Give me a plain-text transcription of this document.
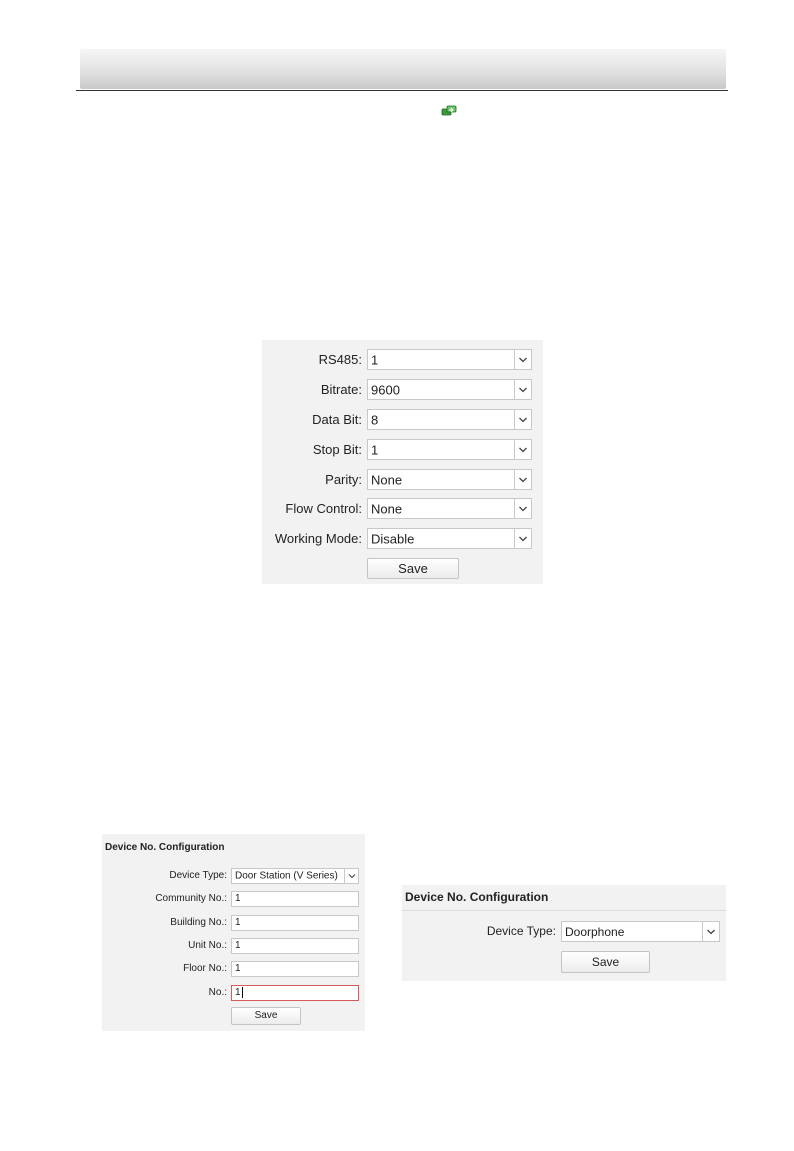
RS485: 1
Bitrate: 9600
Data Bit: 8
Stop Bit: 1
Parity: None
Flow Control: None
Working Mode: Disable
Save
Device No. Configuration
Device Type: Door Station (V Series)
Community No.: 1
Building No.: 1
Unit No.: 1
Floor No.: 1
No.: 1
Save
Device No. Configuration
Device Type: Doorphone
Save
